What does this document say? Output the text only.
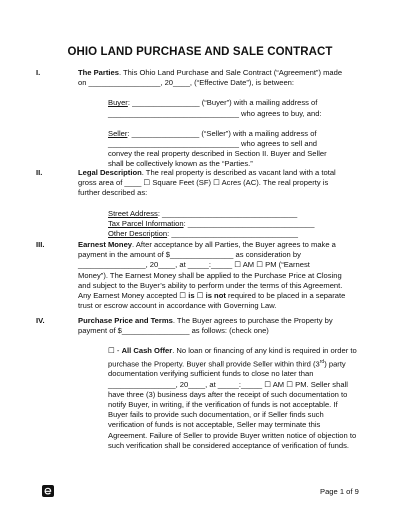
OHIO LAND PURCHASE AND SALE CONTRACT
I.	The Parties. This Ohio Land Purchase and Sale Contract (“Agreement”) made
on _________________, 20____, (“Effective Date”), is between:
Buyer: ________________ (“Buyer”) with a mailing address of
_______________________________ who agrees to buy, and:
Seller: ________________ (“Seller”) with a mailing address of
_______________________________ who agrees to sell and
convey the real property described in Section II. Buyer and Seller
shall be collectively known as the “Parties.”
II.	Legal Description. The real property is described as vacant land with a total
gross area of ____ ☐ Square Feet (SF) ☐ Acres (AC). The real property is
further described as:
Street Address: ________________________________
Tax Parcel Information: ______________________________
Other Description: ______________________________
III.	Earnest Money. After acceptance by all Parties, the Buyer agrees to make a
payment in the amount of $_______________ as consideration by
________________, 20____, at _____:_____ ☐ AM ☐ PM (“Earnest
Money”). The Earnest Money shall be applied to the Purchase Price at Closing
and subject to the Buyer’s ability to perform under the terms of this Agreement.
Any Earnest Money accepted ☐ is ☐ is not required to be placed in a separate
trust or escrow account in accordance with Governing Law.
IV.	Purchase Price and Terms. The Buyer agrees to purchase the Property by
payment of $________________ as follows: (check one)
☐ - All Cash Offer. No loan or financing of any kind is required in order to
purchase the Property. Buyer shall provide Seller within third (3rd) party
documentation verifying sufficient funds to close no later than
________________, 20____, at _____:_____ ☐ AM ☐ PM. Seller shall
have three (3) business days after the receipt of such documentation to
notify Buyer, in writing, if the verification of funds is not acceptable. If
Buyer fails to provide such documentation, or if Seller finds such
verification of funds is not acceptable, Seller may terminate this
Agreement. Failure of Seller to provide Buyer written notice of objection to
such verification shall be considered acceptance of verification of funds.
Page 1 of 9
